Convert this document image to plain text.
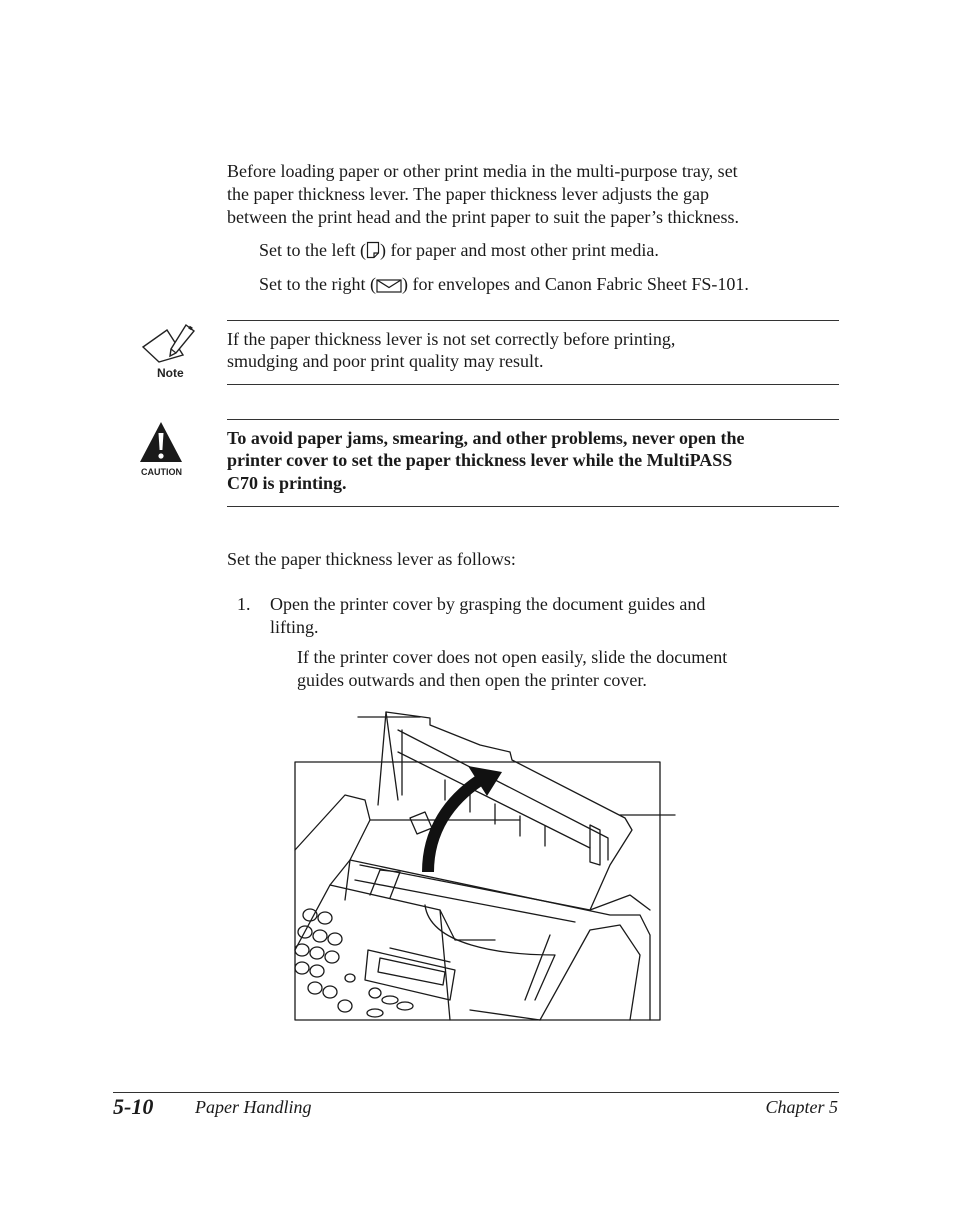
Before loading paper or other print media in the multi-purpose tray, set

the paper thickness lever. The paper thickness lever adjusts the gap

between the print head and the print paper to suit the paper’s thickness.

Set to the left ( ) for paper and most other print media.

Set to the right ( ) for envelopes and Canon Fabric Sheet FS-101.

Note

If the paper thickness lever is not set correctly before printing,

smudging and poor print quality may result.

CAUTION

To avoid paper jams, smearing, and other problems, never open the

printer cover to set the paper thickness lever while the MultiPASS

C70 is printing.

Set the paper thickness lever as follows:

1. Open the printer cover by grasping the document guides and

lifting.

If the printer cover does not open easily, slide the document

guides outwards and then open the printer cover.

5-10 Paper Handling	Chapter 5
